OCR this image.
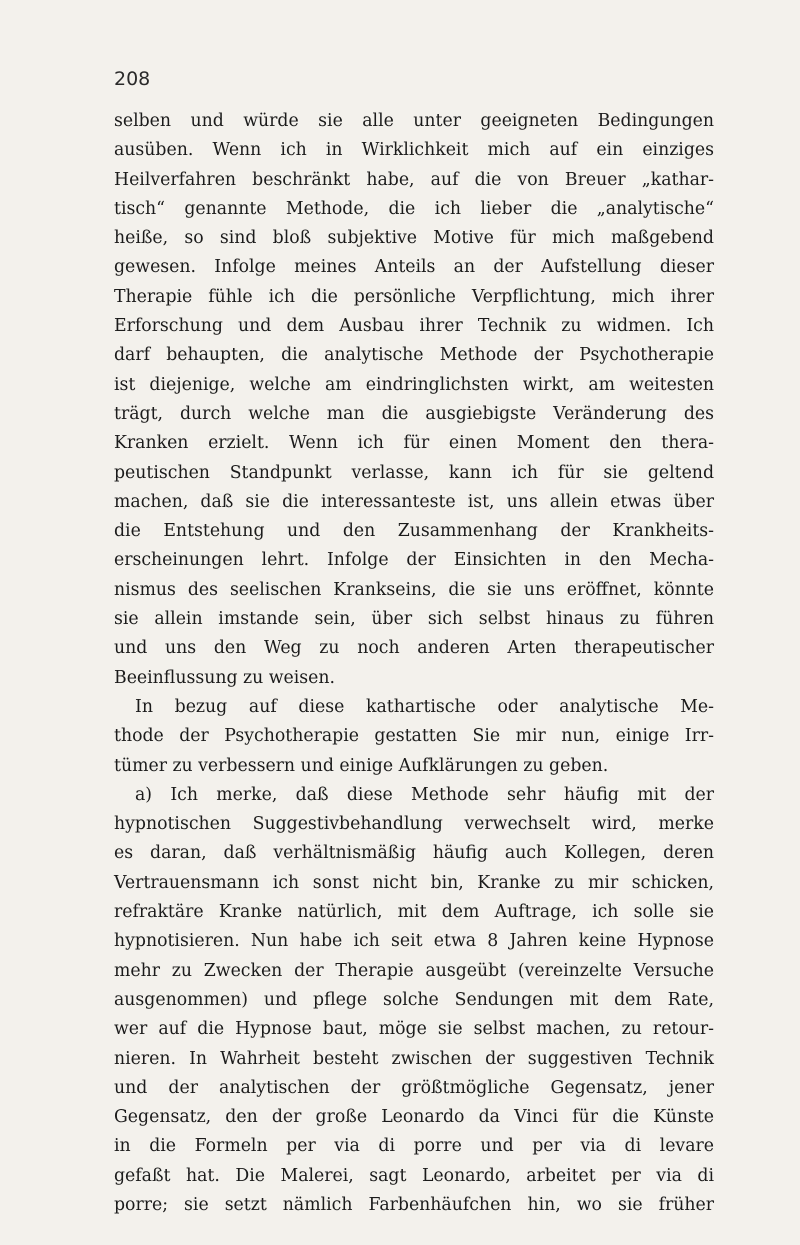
208
selben und würde sie alle unter geeigneten Bedingungen
ausüben. Wenn ich in Wirklichkeit mich auf ein einziges
Heilverfahren beschränkt habe, auf die von Breuer „kathar-
tisch“ genannte Methode, die ich lieber die „analytische“
heiße, so sind bloß subjektive Motive für mich maßgebend
gewesen. Infolge meines Anteils an der Aufstellung dieser
Therapie fühle ich die persönliche Verpflichtung, mich ihrer
Erforschung und dem Ausbau ihrer Technik zu widmen. Ich
darf behaupten, die analytische Methode der Psychotherapie
ist diejenige, welche am eindringlichsten wirkt, am weitesten
trägt, durch welche man die ausgiebigste Veränderung des
Kranken erzielt. Wenn ich für einen Moment den thera-
peutischen Standpunkt verlasse, kann ich für sie geltend
machen, daß sie die interessanteste ist, uns allein etwas über
die Entstehung und den Zusammenhang der Krankheits-
erscheinungen lehrt. Infolge der Einsichten in den Mecha-
nismus des seelischen Krankseins, die sie uns eröffnet, könnte
sie allein imstande sein, über sich selbst hinaus zu führen
und uns den Weg zu noch anderen Arten therapeutischer
Beeinflussung zu weisen.
In bezug auf diese kathartische oder analytische Me-
thode der Psychotherapie gestatten Sie mir nun, einige Irr-
tümer zu verbessern und einige Aufklärungen zu geben.
a) Ich merke, daß diese Methode sehr häufig mit der
hypnotischen Suggestivbehandlung verwechselt wird, merke
es daran, daß verhältnismäßig häufig auch Kollegen, deren
Vertrauensmann ich sonst nicht bin, Kranke zu mir schicken,
refraktäre Kranke natürlich, mit dem Auftrage, ich solle sie
hypnotisieren. Nun habe ich seit etwa 8 Jahren keine Hypnose
mehr zu Zwecken der Therapie ausgeübt (vereinzelte Versuche
ausgenommen) und pflege solche Sendungen mit dem Rate,
wer auf die Hypnose baut, möge sie selbst machen, zu retour-
nieren. In Wahrheit besteht zwischen der suggestiven Technik
und der analytischen der größtmögliche Gegensatz, jener
Gegensatz, den der große Leonardo da Vinci für die Künste
in die Formeln per via di porre und per via di levare
gefaßt hat. Die Malerei, sagt Leonardo, arbeitet per via di
porre; sie setzt nämlich Farbenhäufchen hin, wo sie früher
